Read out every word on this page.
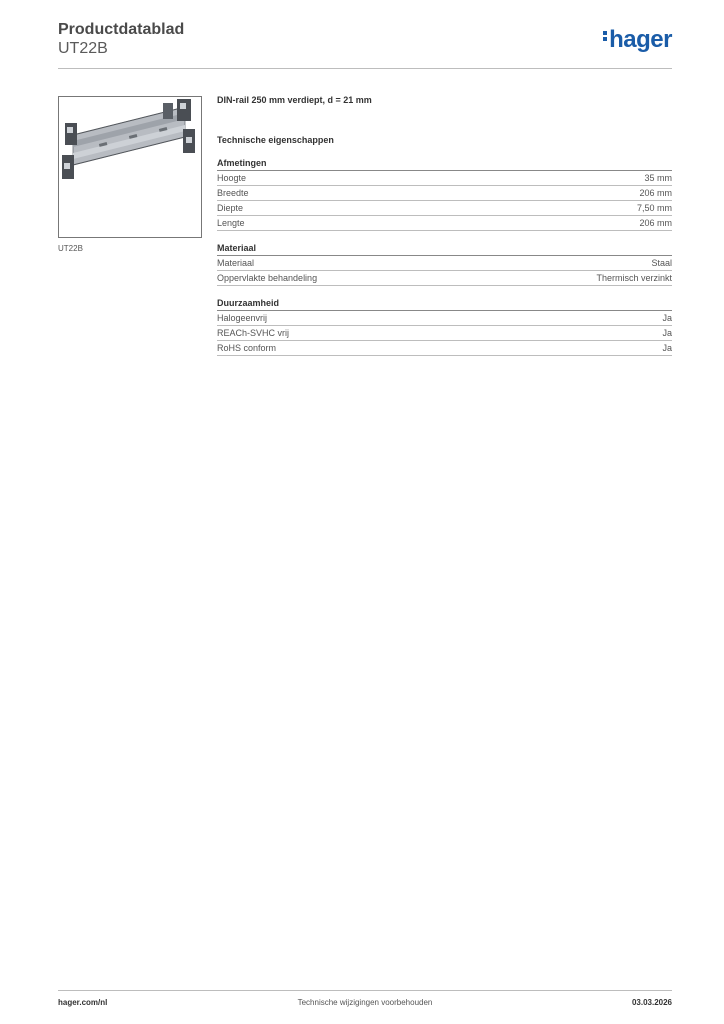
Productdatablad

UT22B	hager
UT22B

DIN-rail 250 mm verdiept, d = 21 mm

Technische eigenschappen

Afmetingen
Hoogte	35 mm
Breedte	206 mm
Diepte	7,50 mm
Lengte	206 mm
Materiaal
Materiaal	Staal
Oppervlakte behandeling	Thermisch verzinkt
Duurzaamheid
Halogeenvrij	Ja
REACh-SVHC vrij	Ja
RoHS conform	Ja
hager.com/nl	Technische wijzigingen voorbehouden	03.03.2026
